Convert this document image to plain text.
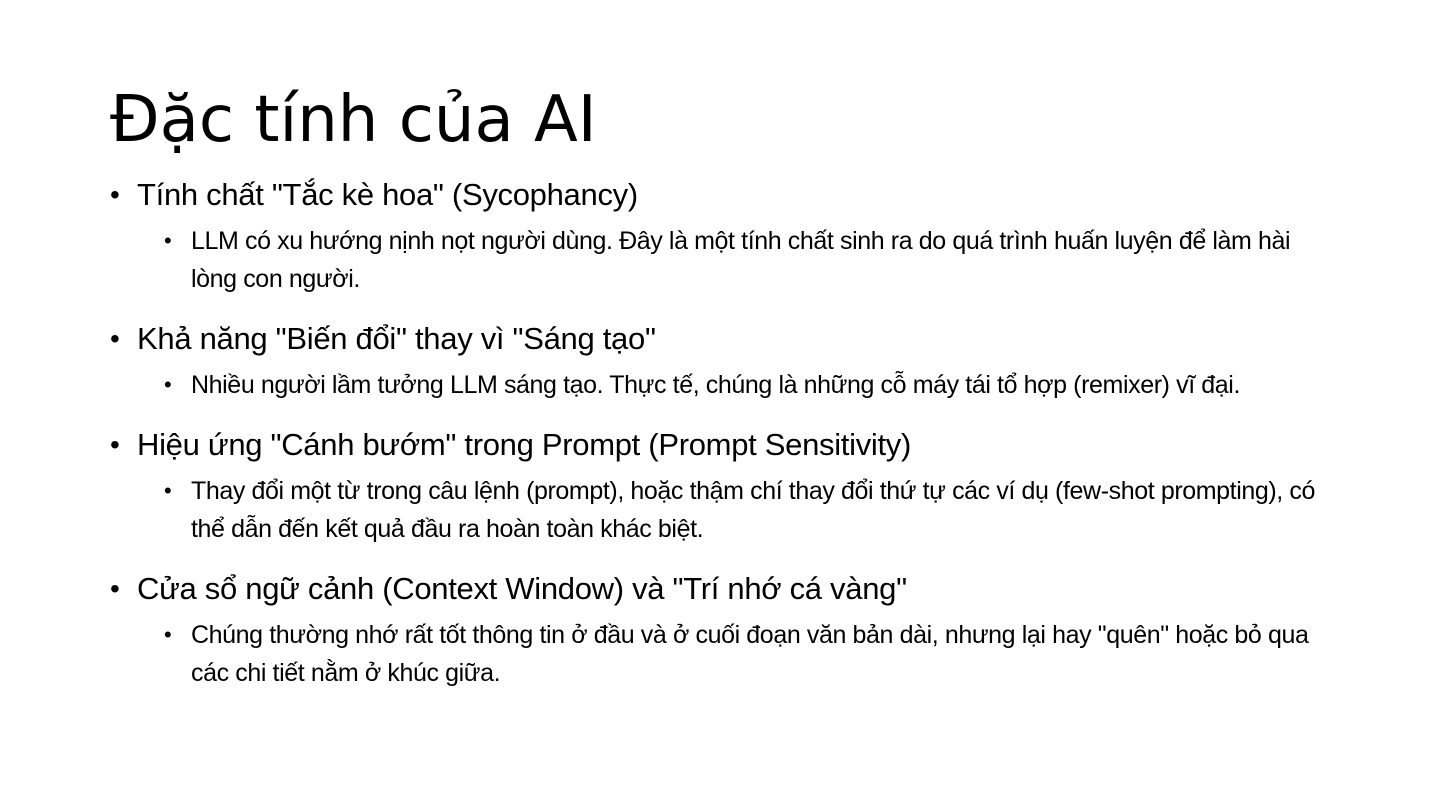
Đặc tính của AI
• Tính chất "Tắc kè hoa" (Sycophancy)
• LLM có xu hướng nịnh nọt người dùng. Đây là một tính chất sinh ra do quá trình huấn luyện để làm hài lòng con người.
• Khả năng "Biến đổi" thay vì "Sáng tạo"
• Nhiều người lầm tưởng LLM sáng tạo. Thực tế, chúng là những cỗ máy tái tổ hợp (remixer) vĩ đại.
• Hiệu ứng "Cánh bướm" trong Prompt (Prompt Sensitivity)
• Thay đổi một từ trong câu lệnh (prompt), hoặc thậm chí thay đổi thứ tự các ví dụ (few-shot prompting), có thể dẫn đến kết quả đầu ra hoàn toàn khác biệt.
• Cửa sổ ngữ cảnh (Context Window) và "Trí nhớ cá vàng"
• Chúng thường nhớ rất tốt thông tin ở đầu và ở cuối đoạn văn bản dài, nhưng lại hay "quên" hoặc bỏ qua các chi tiết nằm ở khúc giữa.
